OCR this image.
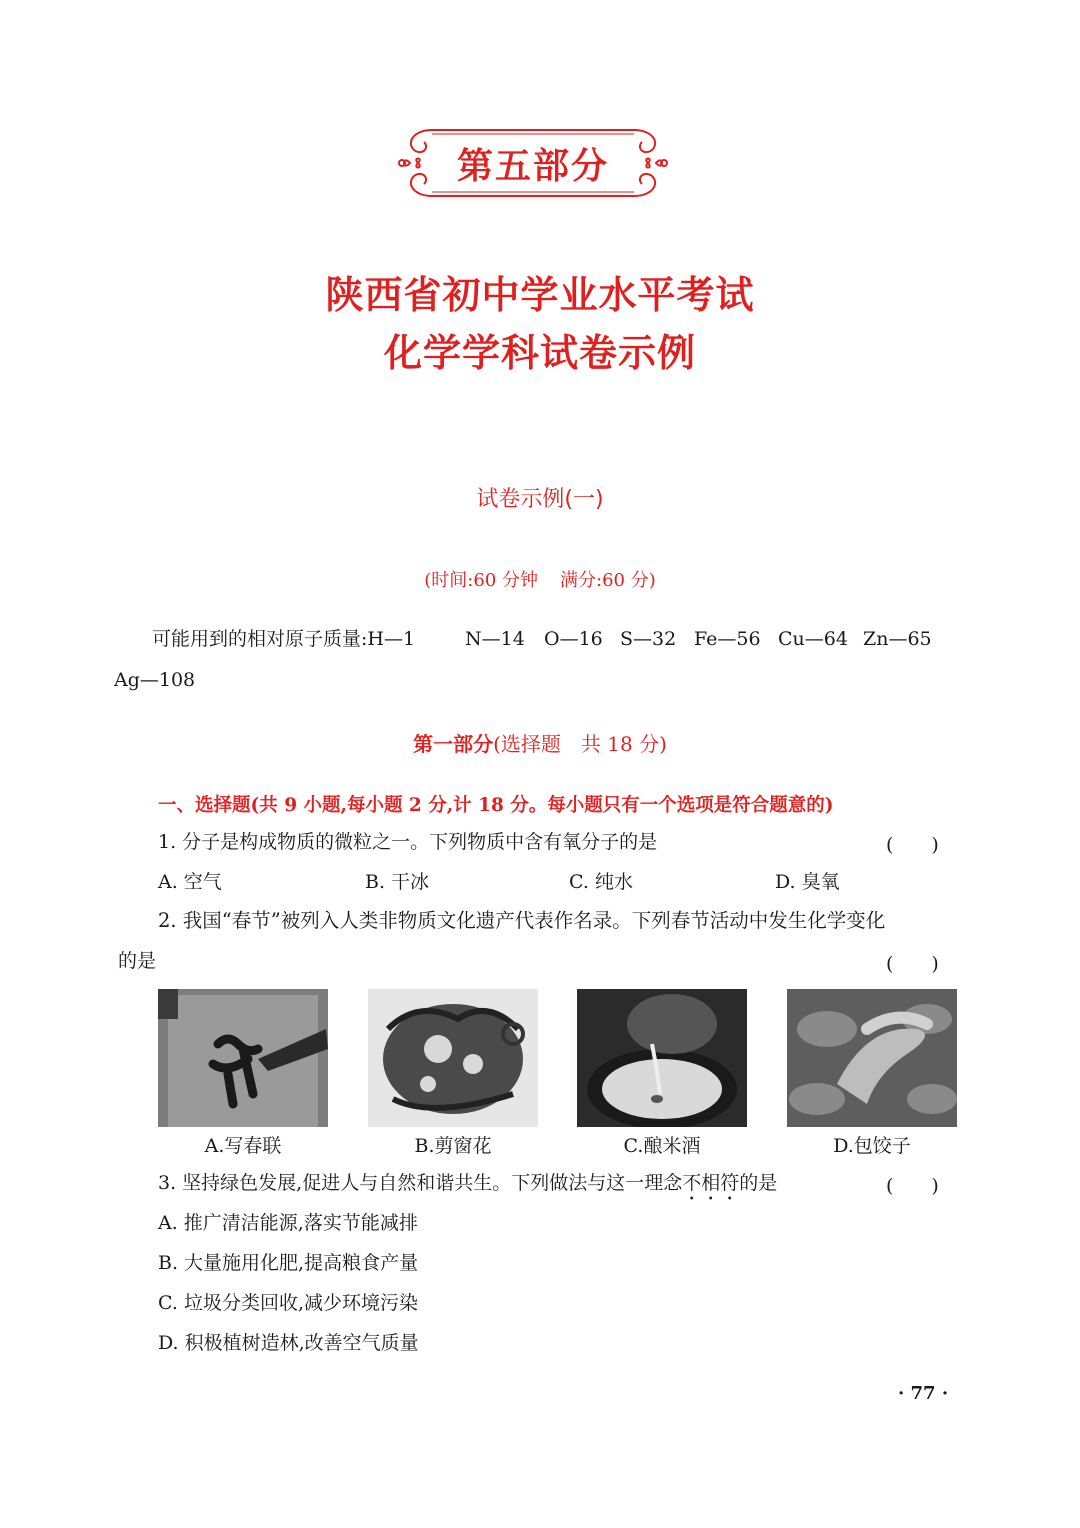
第五部分
陕西省初中学业水平考试
化学学科试卷示例
试卷示例(一)
(时间:60 分钟 满分:60 分)
可能用到的相对原子质量:H—1	N—14 O—16 S—32 Fe—56 Cu—64 Zn—65
Ag—108
第一部分(选择题　共 18 分)
一、选择题(共 9 小题,每小题 2 分,计 18 分。每小题只有一个选项是符合题意的)
1. 分子是构成物质的微粒之一。下列物质中含有氧分子的是	(　　)
A. 空气	B. 干冰	C. 纯水	D. 臭氧
2. 我国“春节”被列入人类非物质文化遗产代表作名录。下列春节活动中发生化学变化
的是	(　　)
A.写春联	B.剪窗花	C.酿米酒	D.包饺子
3. 坚持绿色发展,促进人与自然和谐共生。下列做法与这一理念不相符的是	(　　)
A. 推广清洁能源,落实节能减排
B. 大量施用化肥,提高粮食产量
C. 垃圾分类回收,减少环境污染
D. 积极植树造林,改善空气质量
· 77 ·
